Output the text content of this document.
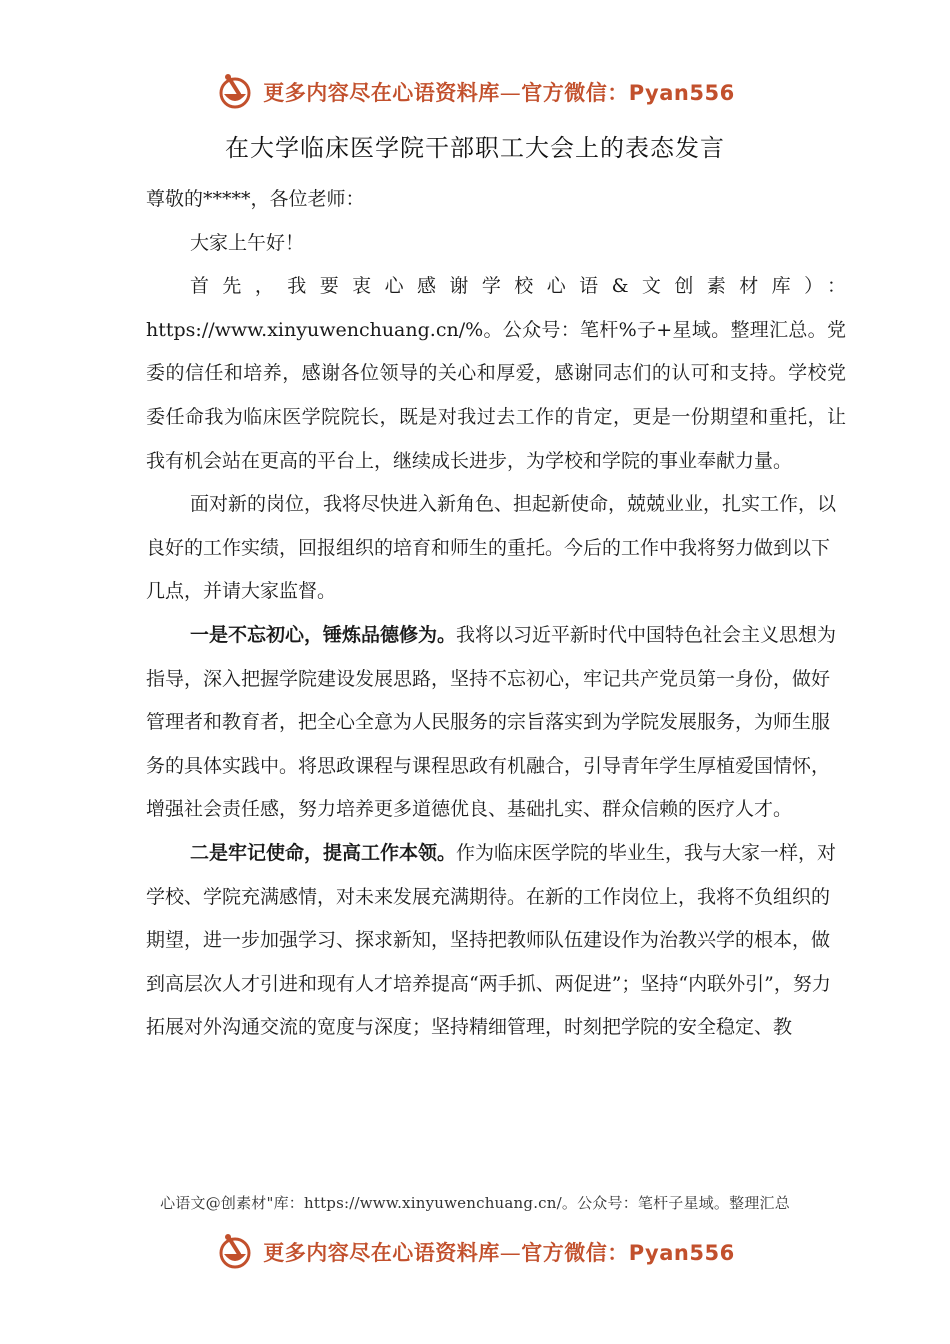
更多内容尽在心语资料库—官方微信：Pyan556
在大学临床医学院干部职工大会上的表态发言

尊敬的*****，各位老师：

大家上午好！

首先，我要衷心感谢学校心语&文创素材库）：https://www.xinyuwenchuang.cn/%。公众号：笔杆%子+星域。整理汇总。党委的信任和培养，感谢各位领导的关心和厚爱，感谢同志们的认可和支持。学校党委任命我为临床医学院院长，既是对我过去工作的肯定，更是一份期望和重托，让我有机会站在更高的平台上，继续成长进步，为学校和学院的事业奉献力量。

面对新的岗位，我将尽快进入新角色、担起新使命，兢兢业业，扎实工作，以良好的工作实绩，回报组织的培育和师生的重托。今后的工作中我将努力做到以下几点，并请大家监督。

一是不忘初心，锤炼品德修为。我将以习近平新时代中国特色社会主义思想为指导，深入把握学院建设发展思路，坚持不忘初心，牢记共产党员第一身份，做好管理者和教育者，把全心全意为人民服务的宗旨落实到为学院发展服务，为师生服务的具体实践中。将思政课程与课程思政有机融合，引导青年学生厚植爱国情怀，增强社会责任感，努力培养更多道德优良、基础扎实、群众信赖的医疗人才。

二是牢记使命，提高工作本领。作为临床医学院的毕业生，我与大家一样，对学校、学院充满感情，对未来发展充满期待。在新的工作岗位上，我将不负组织的期望，进一步加强学习、探求新知，坚持把教师队伍建设作为治教兴学的根本，做到高层次人才引进和现有人才培养提高“两手抓、两促进”；坚持“内联外引”，努力拓展对外沟通交流的宽度与深度；坚持精细管理，时刻把学院的安全稳定、教

心语文@创素材"库：https://www.xinyuwenchuang.cn/。公众号：笔杆子星域。整理汇总
更多内容尽在心语资料库—官方微信：Pyan556
